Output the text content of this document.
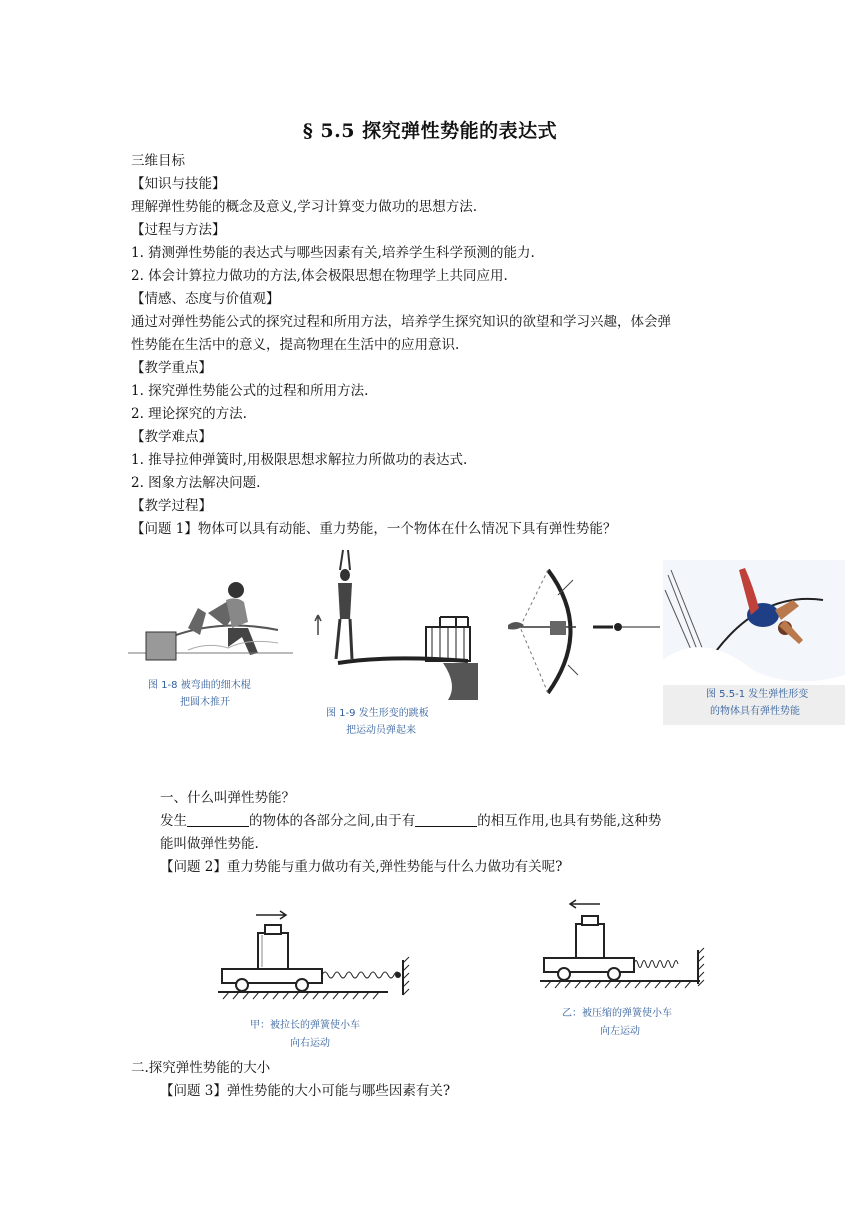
§ 5.5 探究弹性势能的表达式
三维目标
【知识与技能】
理解弹性势能的概念及意义,学习计算变力做功的思想方法.
【过程与方法】
1. 猜测弹性势能的表达式与哪些因素有关,培养学生科学预测的能力.
2. 体会计算拉力做功的方法,体会极限思想在物理学上共同应用.
【情感、态度与价值观】
通过对弹性势能公式的探究过程和所用方法，培养学生探究知识的欲望和学习兴趣，体会弹
性势能在生活中的意义，提高物理在生活中的应用意识.
【教学重点】
1. 探究弹性势能公式的过程和所用方法.
2. 理论探究的方法.
【教学难点】
1. 推导拉伸弹簧时,用极限思想求解拉力所做功的表达式.
2. 图象方法解决问题.
【教学过程】
【问题 1】物体可以具有动能、重力势能，一个物体在什么情况下具有弹性势能？
图 1-8 被弯曲的细木棍
把圆木推开
图 1-9 发生形变的跳板
把运动员弹起来
图 5.5-1 发生弹性形变
的物体具有弹性势能
一、什么叫弹性势能？
发生	的物体的各部分之间,由于有	的相互作用,也具有势能,这种势
能叫做弹性势能.
【问题 2】重力势能与重力做功有关,弹性势能与什么力做功有关呢?
甲：被拉长的弹簧使小车
向右运动
乙：被压缩的弹簧使小车
向左运动
二.探究弹性势能的大小
【问题 3】弹性势能的大小可能与哪些因素有关?
